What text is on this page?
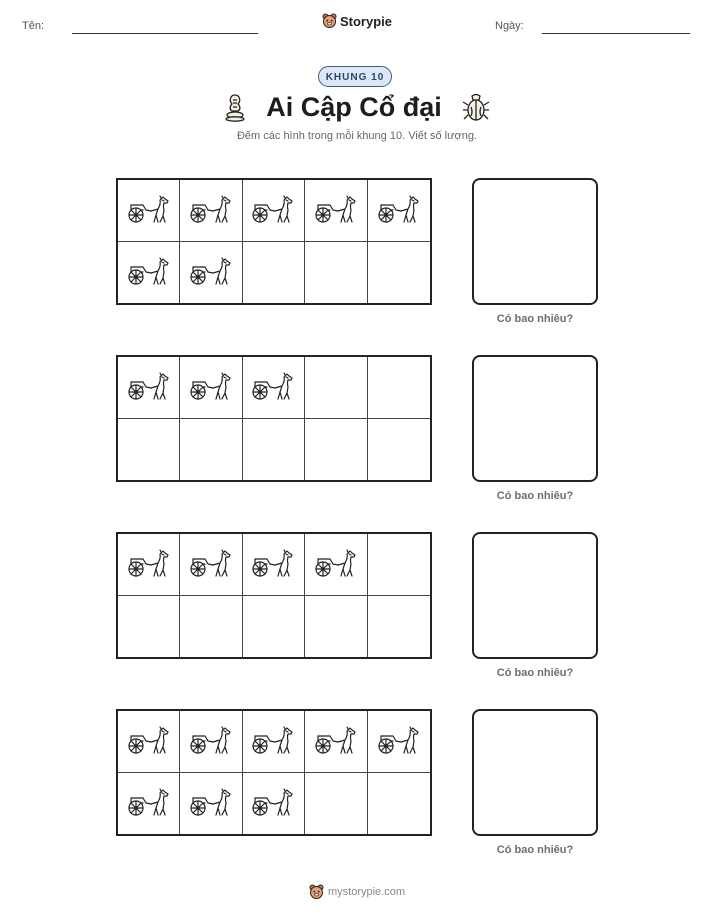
Tên:	Storypie	Ngày:
KHUNG 10
Ai Cập Cổ đại
Đếm các hình trong mỗi khung 10. Viết số lượng.
Có bao nhiêu?
Có bao nhiêu?
Có bao nhiêu?
Có bao nhiêu?
mystorypie.com
